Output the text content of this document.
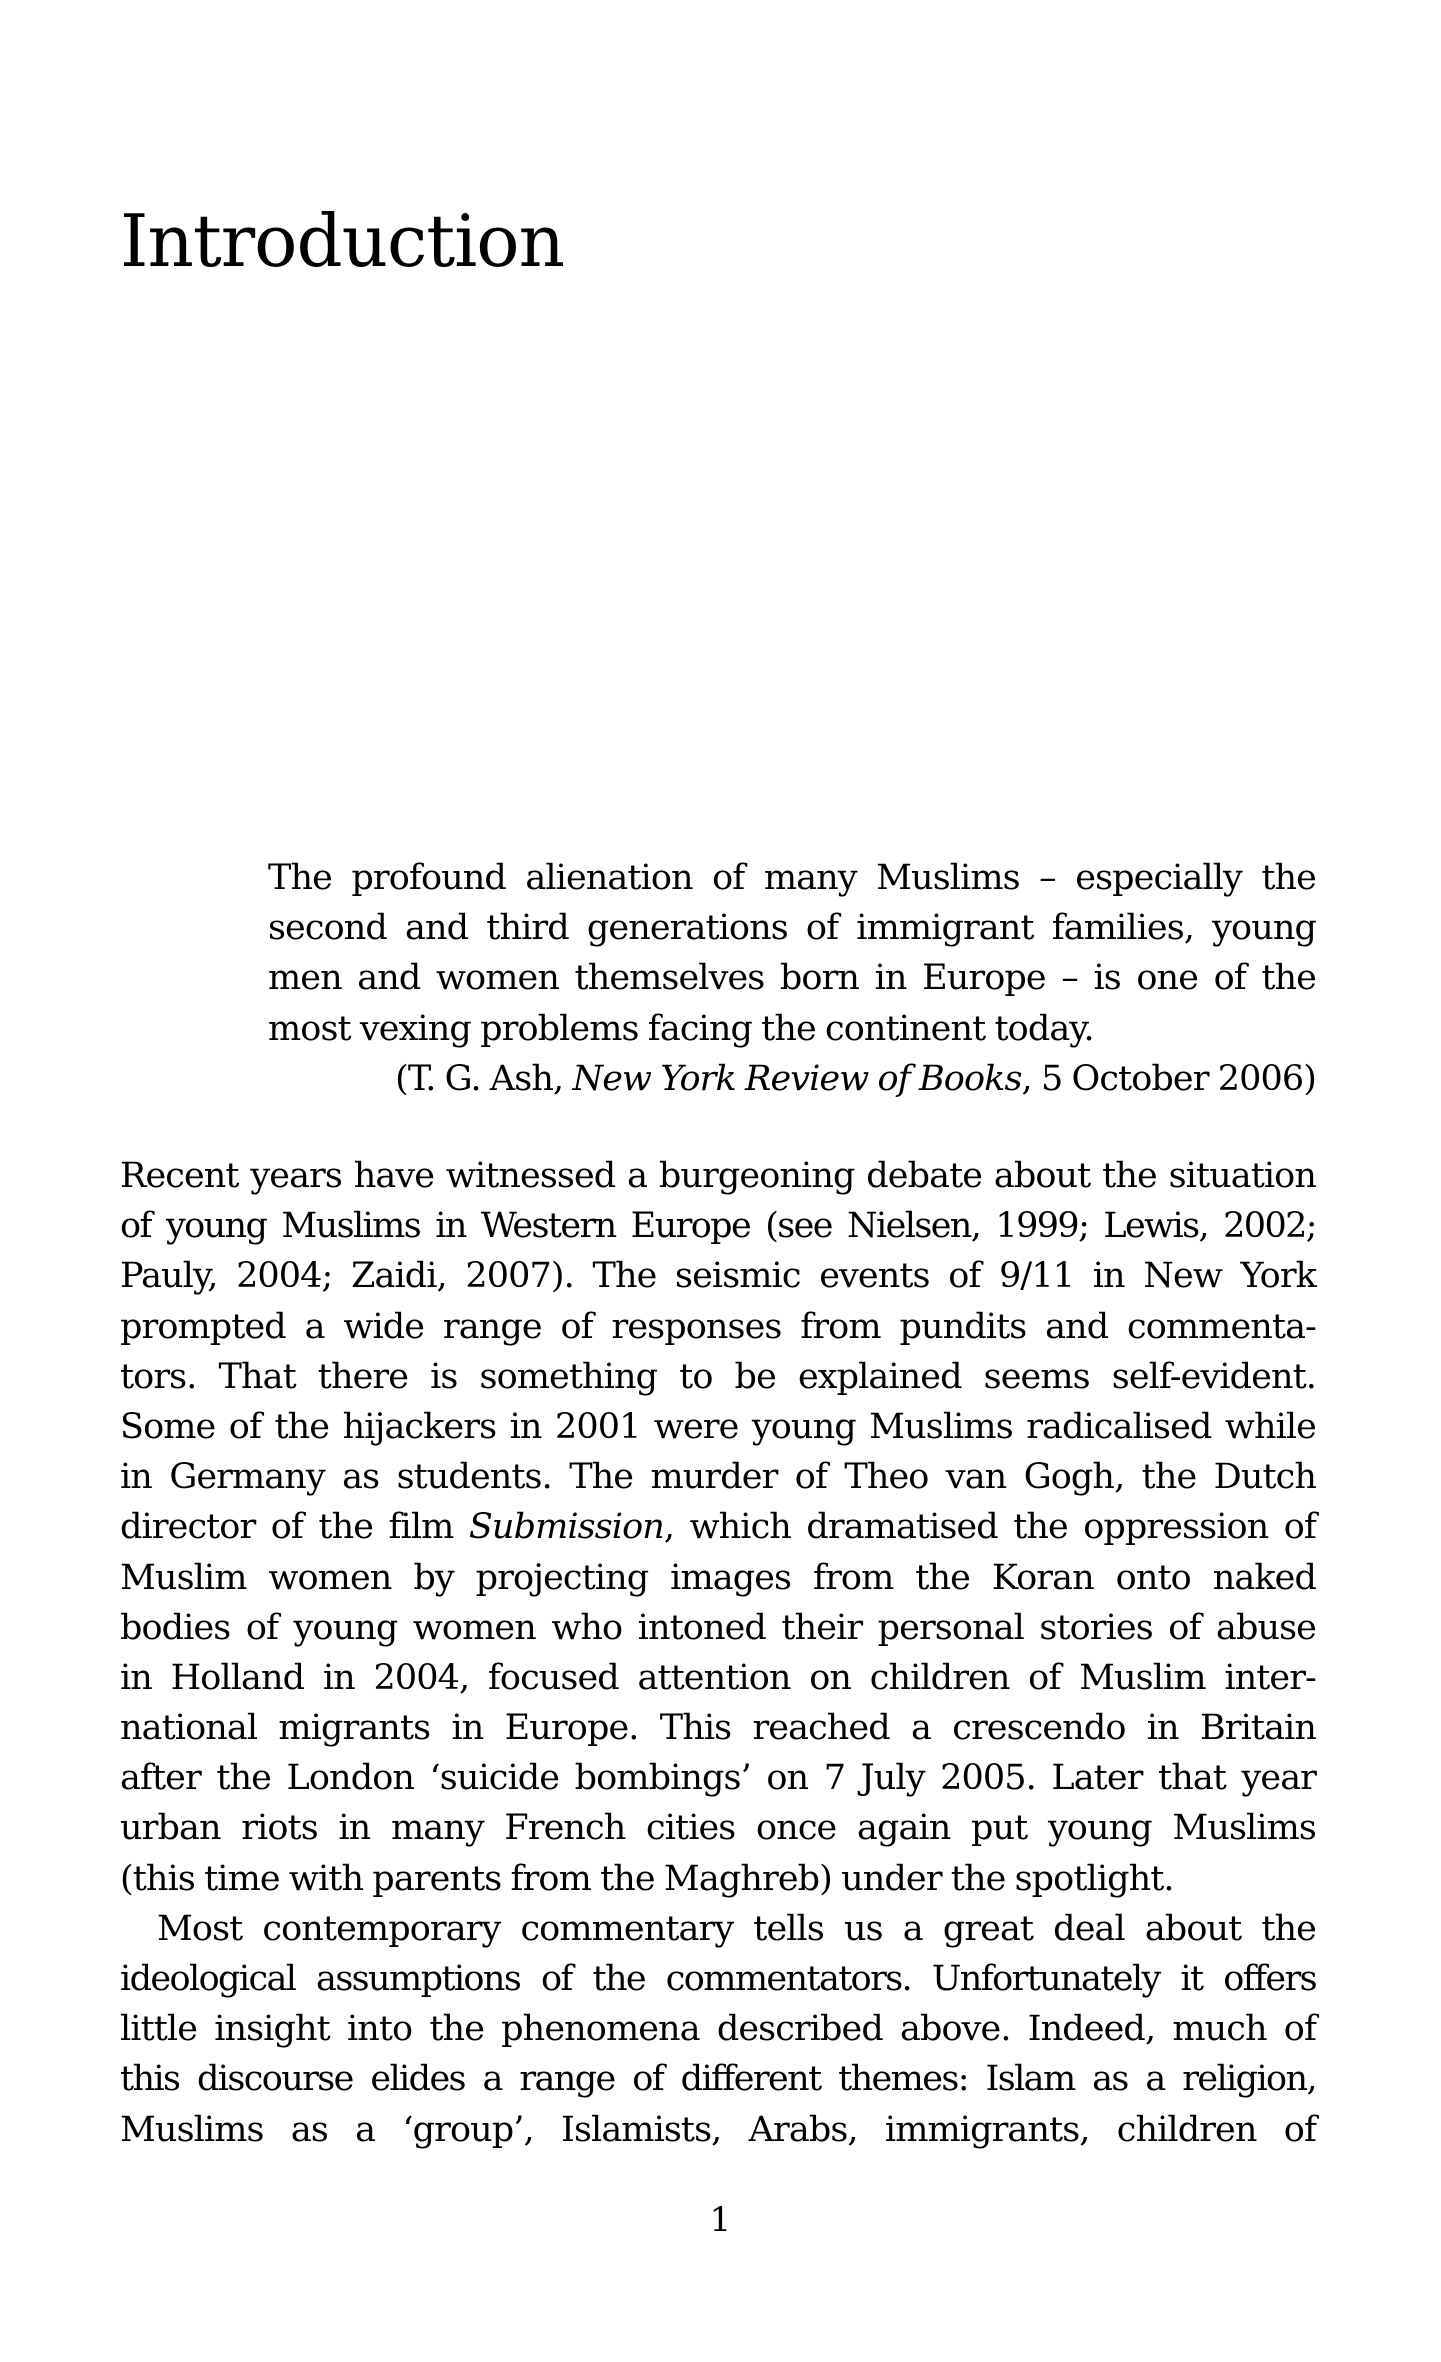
Introduction
The profound alienation of many Muslims – especially the
second and third generations of immigrant families, young
men and women themselves born in Europe – is one of the
most vexing problems facing the continent today.
(T. G. Ash, New York Review of Books, 5 October 2006)
Recent years have witnessed a burgeoning debate about the situation
of young Muslims in Western Europe (see Nielsen, 1999; Lewis, 2002;
Pauly, 2004; Zaidi, 2007). The seismic events of 9/11 in New York
prompted a wide range of responses from pundits and commenta-
tors. That there is something to be explained seems self-evident.
Some of the hijackers in 2001 were young Muslims radicalised while
in Germany as students. The murder of Theo van Gogh, the Dutch
director of the film Submission, which dramatised the oppression of
Muslim women by projecting images from the Koran onto naked
bodies of young women who intoned their personal stories of abuse
in Holland in 2004, focused attention on children of Muslim inter-
national migrants in Europe. This reached a crescendo in Britain
after the London ‘suicide bombings’ on 7 July 2005. Later that year
urban riots in many French cities once again put young Muslims
(this time with parents from the Maghreb) under the spotlight.
Most contemporary commentary tells us a great deal about the
ideological assumptions of the commentators. Unfortunately it offers
little insight into the phenomena described above. Indeed, much of
this discourse elides a range of different themes: Islam as a religion,
Muslims as a ‘group’, Islamists, Arabs, immigrants, children of
1
